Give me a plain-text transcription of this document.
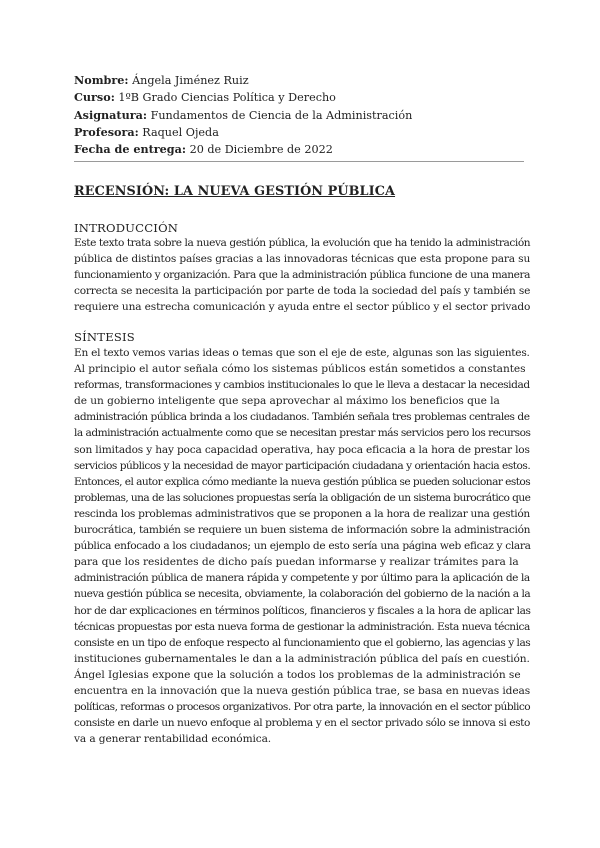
Nombre: Ángela Jiménez Ruiz
Curso: 1ºB Grado Ciencias Política y Derecho
Asignatura: Fundamentos de Ciencia de la Administración
Profesora: Raquel Ojeda
Fecha de entrega: 20 de Diciembre de 2022
RECENSIÓN: LA NUEVA GESTIÓN PÚBLICA
INTRODUCCIÓN
Este texto trata sobre la nueva gestión pública, la evolución que ha tenido la administración
pública de distintos países gracias a las innovadoras técnicas que esta propone para su
funcionamiento y organización. Para que la administración pública funcione de una manera
correcta se necesita la participación por parte de toda la sociedad del país y también se
requiere una estrecha comunicación y ayuda entre el sector público y el sector privado
SÍNTESIS
En el texto vemos varias ideas o temas que son el eje de este, algunas son las siguientes.
Al principio el autor señala cómo los sistemas públicos están sometidos a constantes
reformas, transformaciones y cambios institucionales lo que le lleva a destacar la necesidad
de un gobierno inteligente que sepa aprovechar al máximo los beneficios que la
administración pública brinda a los ciudadanos. También señala tres problemas centrales de
la administración actualmente como que se necesitan prestar más servicios pero los recursos
son limitados y hay poca capacidad operativa, hay poca eficacia a la hora de prestar los
servicios públicos y la necesidad de mayor participación ciudadana y orientación hacia estos.
Entonces, el autor explica cómo mediante la nueva gestión pública se pueden solucionar estos
problemas, una de las soluciones propuestas sería la obligación de un sistema burocrático que
rescinda los problemas administrativos que se proponen a la hora de realizar una gestión
burocrática, también se requiere un buen sistema de información sobre la administración
pública enfocado a los ciudadanos; un ejemplo de esto sería una página web eficaz y clara
para que los residentes de dicho país puedan informarse y realizar trámites para la
administración pública de manera rápida y competente y por último para la aplicación de la
nueva gestión pública se necesita, obviamente, la colaboración del gobierno de la nación a la
hor de dar explicaciones en términos políticos, financieros y fiscales a la hora de aplicar las
técnicas propuestas por esta nueva forma de gestionar la administración. Esta nueva técnica
consiste en un tipo de enfoque respecto al funcionamiento que el gobierno, las agencias y las
instituciones gubernamentales le dan a la administración pública del país en cuestión.
Ángel Iglesias expone que la solución a todos los problemas de la administración se
encuentra en la innovación que la nueva gestión pública trae, se basa en nuevas ideas
políticas, reformas o procesos organizativos. Por otra parte, la innovación en el sector público
consiste en darle un nuevo enfoque al problema y en el sector privado sólo se innova si esto
va a generar rentabilidad económica.
